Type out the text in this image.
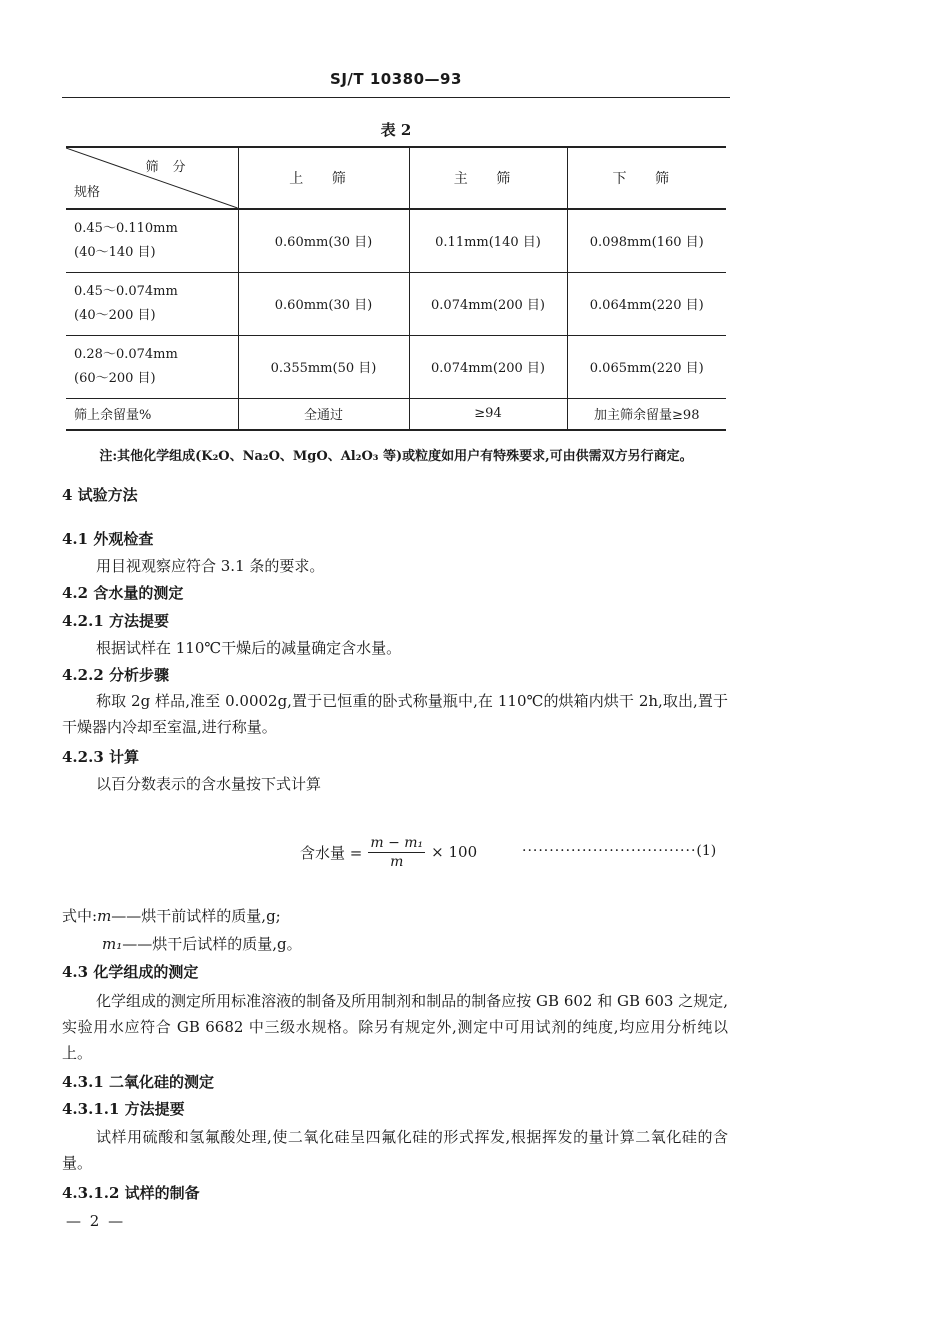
SJ/T 10380—93
表 2
筛分
规格	上 筛	主 筛	下 筛

0.45～0.110mm
(40～140 目)	0.60mm(30 目)	0.11mm(140 目)	0.098mm(160 目)

0.45～0.074mm
(40～200 目)	0.60mm(30 目)	0.074mm(200 目)	0.064mm(220 目)

0.28～0.074mm
(60～200 目)	0.355mm(50 目)	0.074mm(200 目)	0.065mm(220 目)
筛上余留量%	全通过	≥94	加主筛余留量≥98
注:其他化学组成(K₂O、Na₂O、MgO、Al₂O₃ 等)或粒度如用户有特殊要求,可由供需双方另行商定。
4 试验方法
4.1 外观检查
用目视观察应符合 3.1 条的要求。
4.2 含水量的测定
4.2.1 方法提要
根据试样在 110℃干燥后的减量确定含水量。
4.2.2 分析步骤
称取 2g 样品,准至 0.0002g,置于已恒重的卧式称量瓶中,在 110℃的烘箱内烘干 2h,取出,置于干燥器内冷却至室温,进行称量。
4.2.3 计算
以百分数表示的含水量按下式计算
含水量 = $\frac{\text{m − m₁}}{m} \times 100$	································(1)
式中:m——烘干前试样的质量,g;
m₁——烘干后试样的质量,g。
4.3 化学组成的测定
化学组成的测定所用标准溶液的制备及所用制剂和制品的制备应按 GB 602 和 GB 603 之规定,实验用水应符合 GB 6682 中三级水规格。除另有规定外,测定中可用试剂的纯度,均应用分析纯以上。
4.3.1 二氧化硅的测定
4.3.1.1 方法提要
试样用硫酸和氢氟酸处理,使二氧化硅呈四氟化硅的形式挥发,根据挥发的量计算二氧化硅的含量。
4.3.1.2 试样的制备
— 2 —
